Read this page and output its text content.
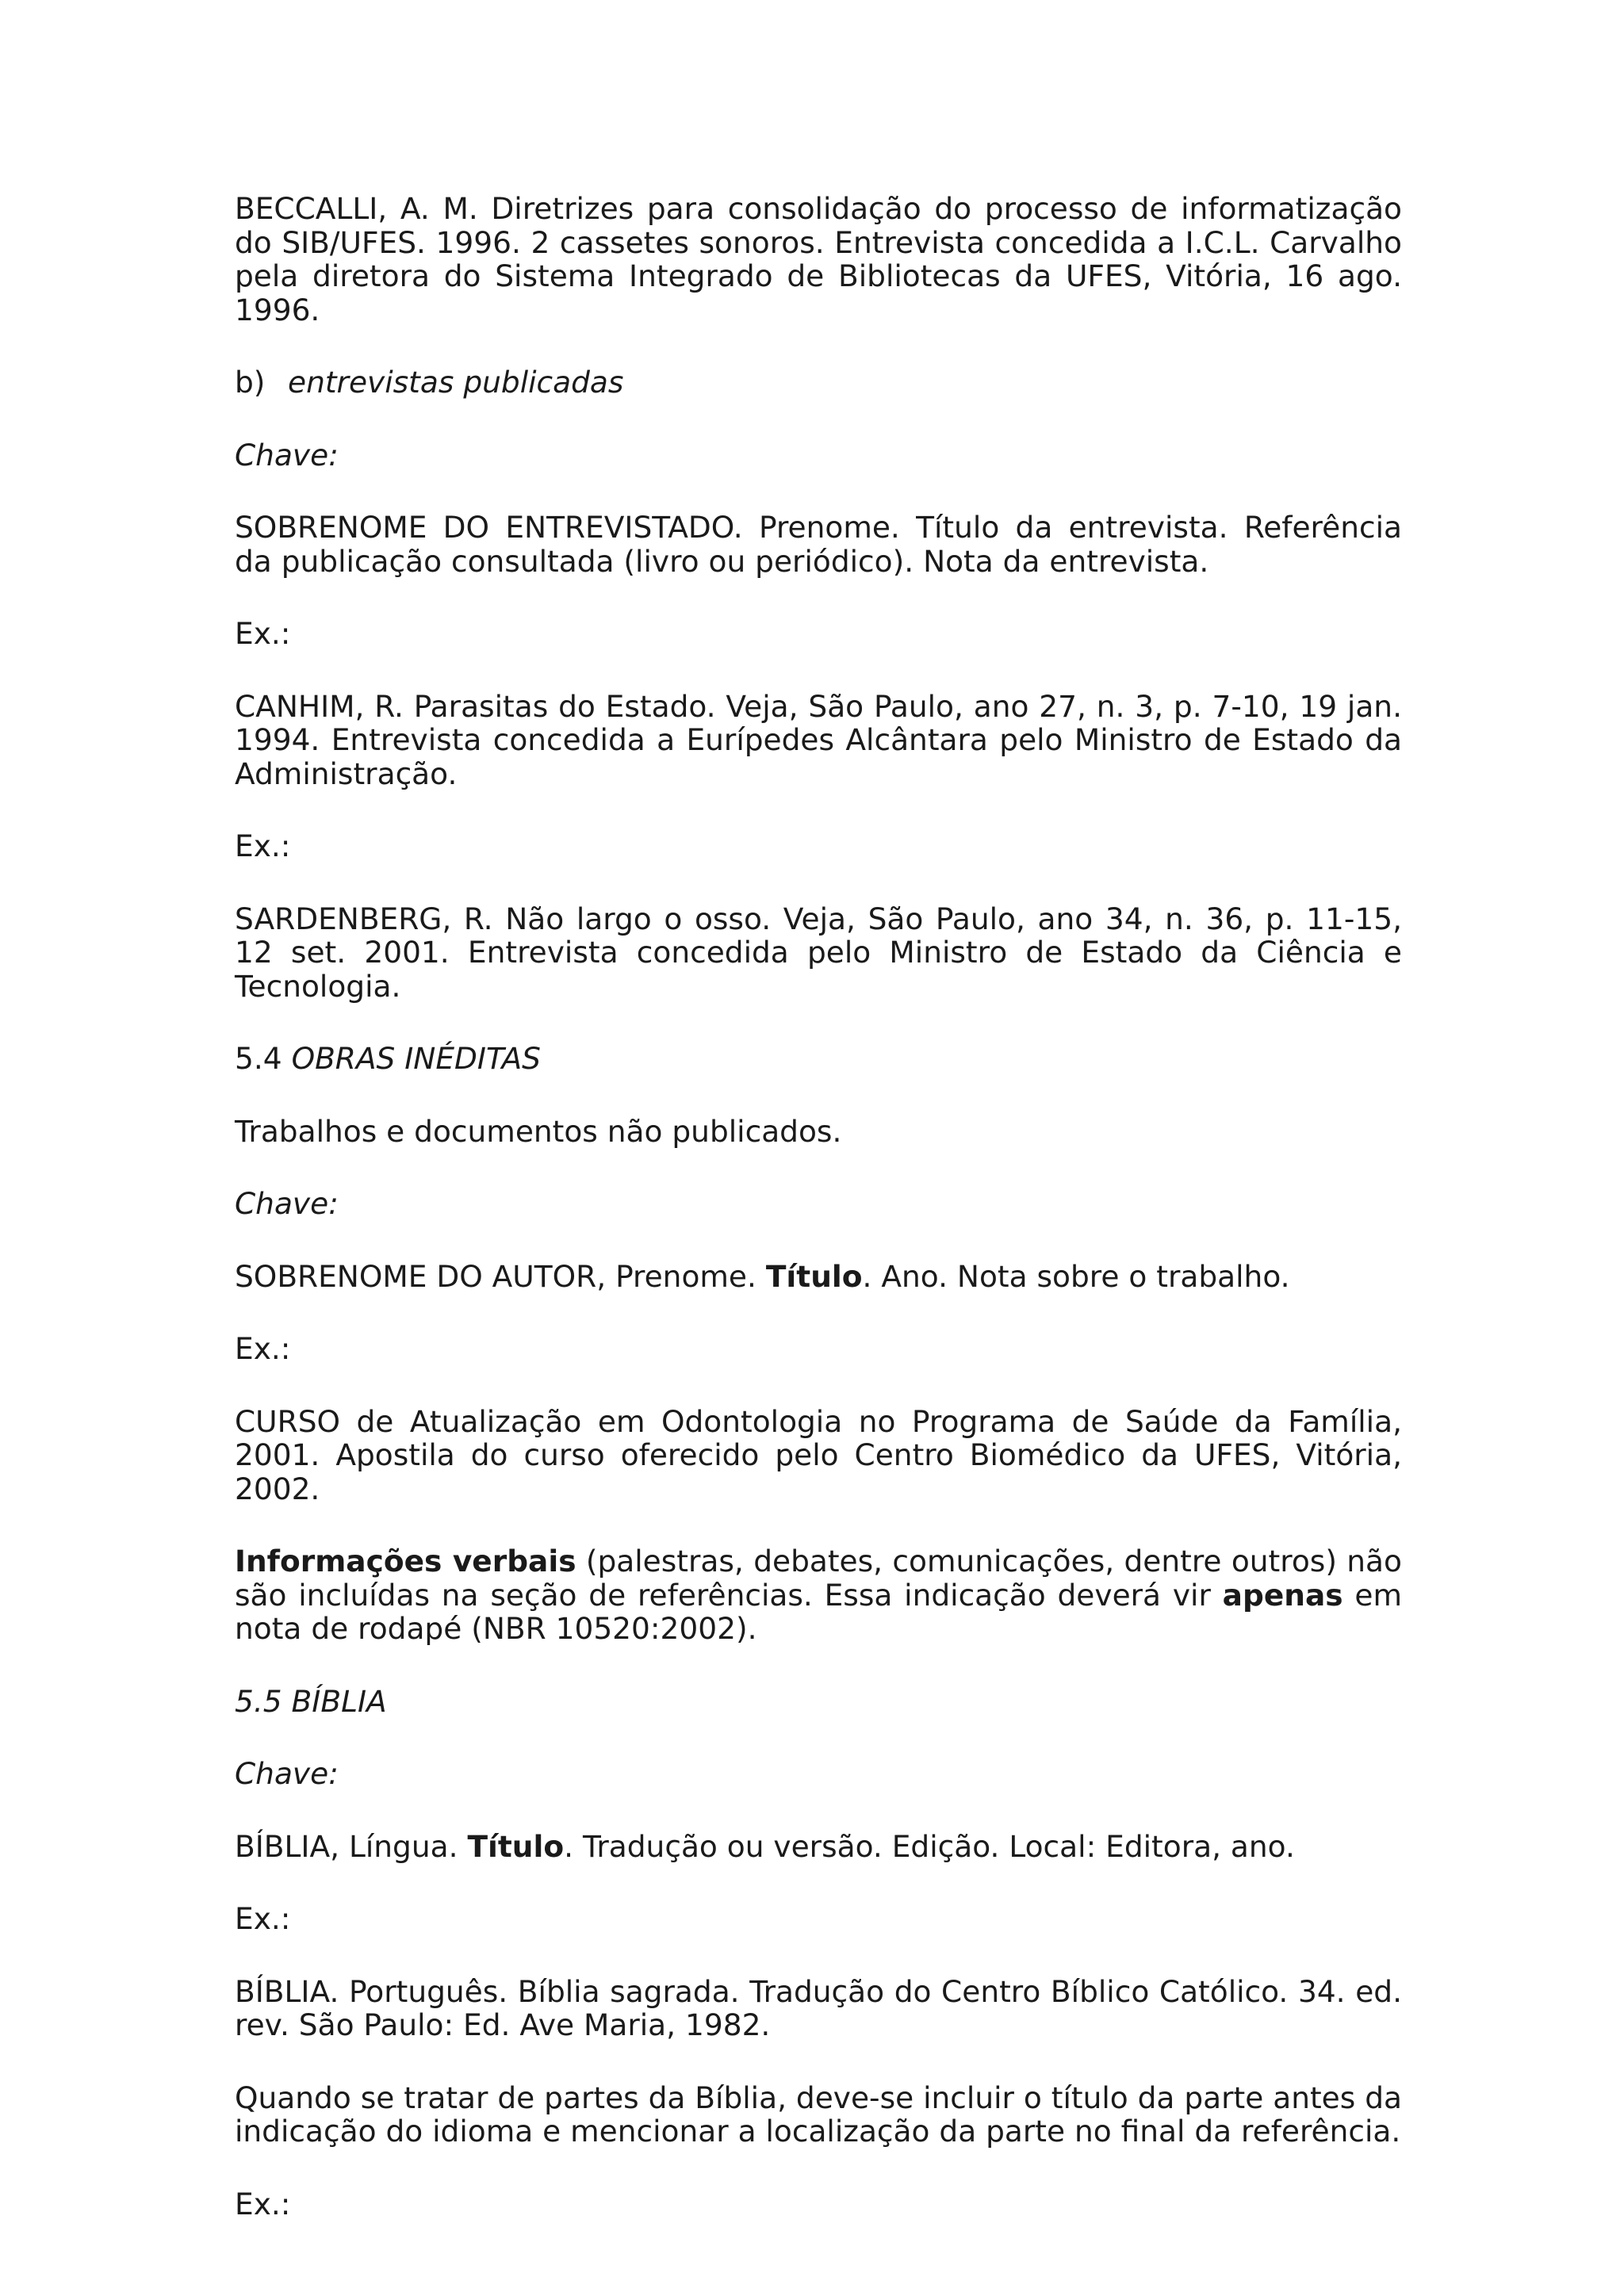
BECCALLI, A. M. Diretrizes para consolidação do processo de informatização do SIB/UFES. 1996. 2 cassetes sonoros. Entrevista concedida a I.C.L. Carvalho pela diretora do Sistema Integrado de Bibliotecas da UFES, Vitória, 16 ago. 1996.

b) entrevistas publicadas

Chave:

SOBRENOME DO ENTREVISTADO. Prenome. Título da entrevista. Referência da publicação consultada (livro ou periódico). Nota da entrevista.

Ex.:

CANHIM, R. Parasitas do Estado. Veja, São Paulo, ano 27, n. 3, p. 7-10, 19 jan. 1994. Entrevista concedida a Eurípedes Alcântara pelo Ministro de Estado da Administração.

Ex.:

SARDENBERG, R. Não largo o osso. Veja, São Paulo, ano 34, n. 36, p. 11-15, 12 set. 2001. Entrevista concedida pelo Ministro de Estado da Ciência e Tecnologia.

5.4 OBRAS INÉDITAS

Trabalhos e documentos não publicados.

Chave:

SOBRENOME DO AUTOR, Prenome. Título. Ano. Nota sobre o trabalho.

Ex.:

CURSO de Atualização em Odontologia no Programa de Saúde da Família, 2001. Apostila do curso oferecido pelo Centro Biomédico da UFES, Vitória, 2002.

Informações verbais (palestras, debates, comunicações, dentre outros) não são incluídas na seção de referências. Essa indicação deverá vir apenas em nota de rodapé (NBR 10520:2002).

5.5 BÍBLIA

Chave:

BÍBLIA, Língua. Título. Tradução ou versão. Edição. Local: Editora, ano.

Ex.:

BÍBLIA. Português. Bíblia sagrada. Tradução do Centro Bíblico Católico. 34. ed. rev. São Paulo: Ed. Ave Maria, 1982.

Quando se tratar de partes da Bíblia, deve-se incluir o título da parte antes da indicação do idioma e mencionar a localização da parte no final da referência.

Ex.:
